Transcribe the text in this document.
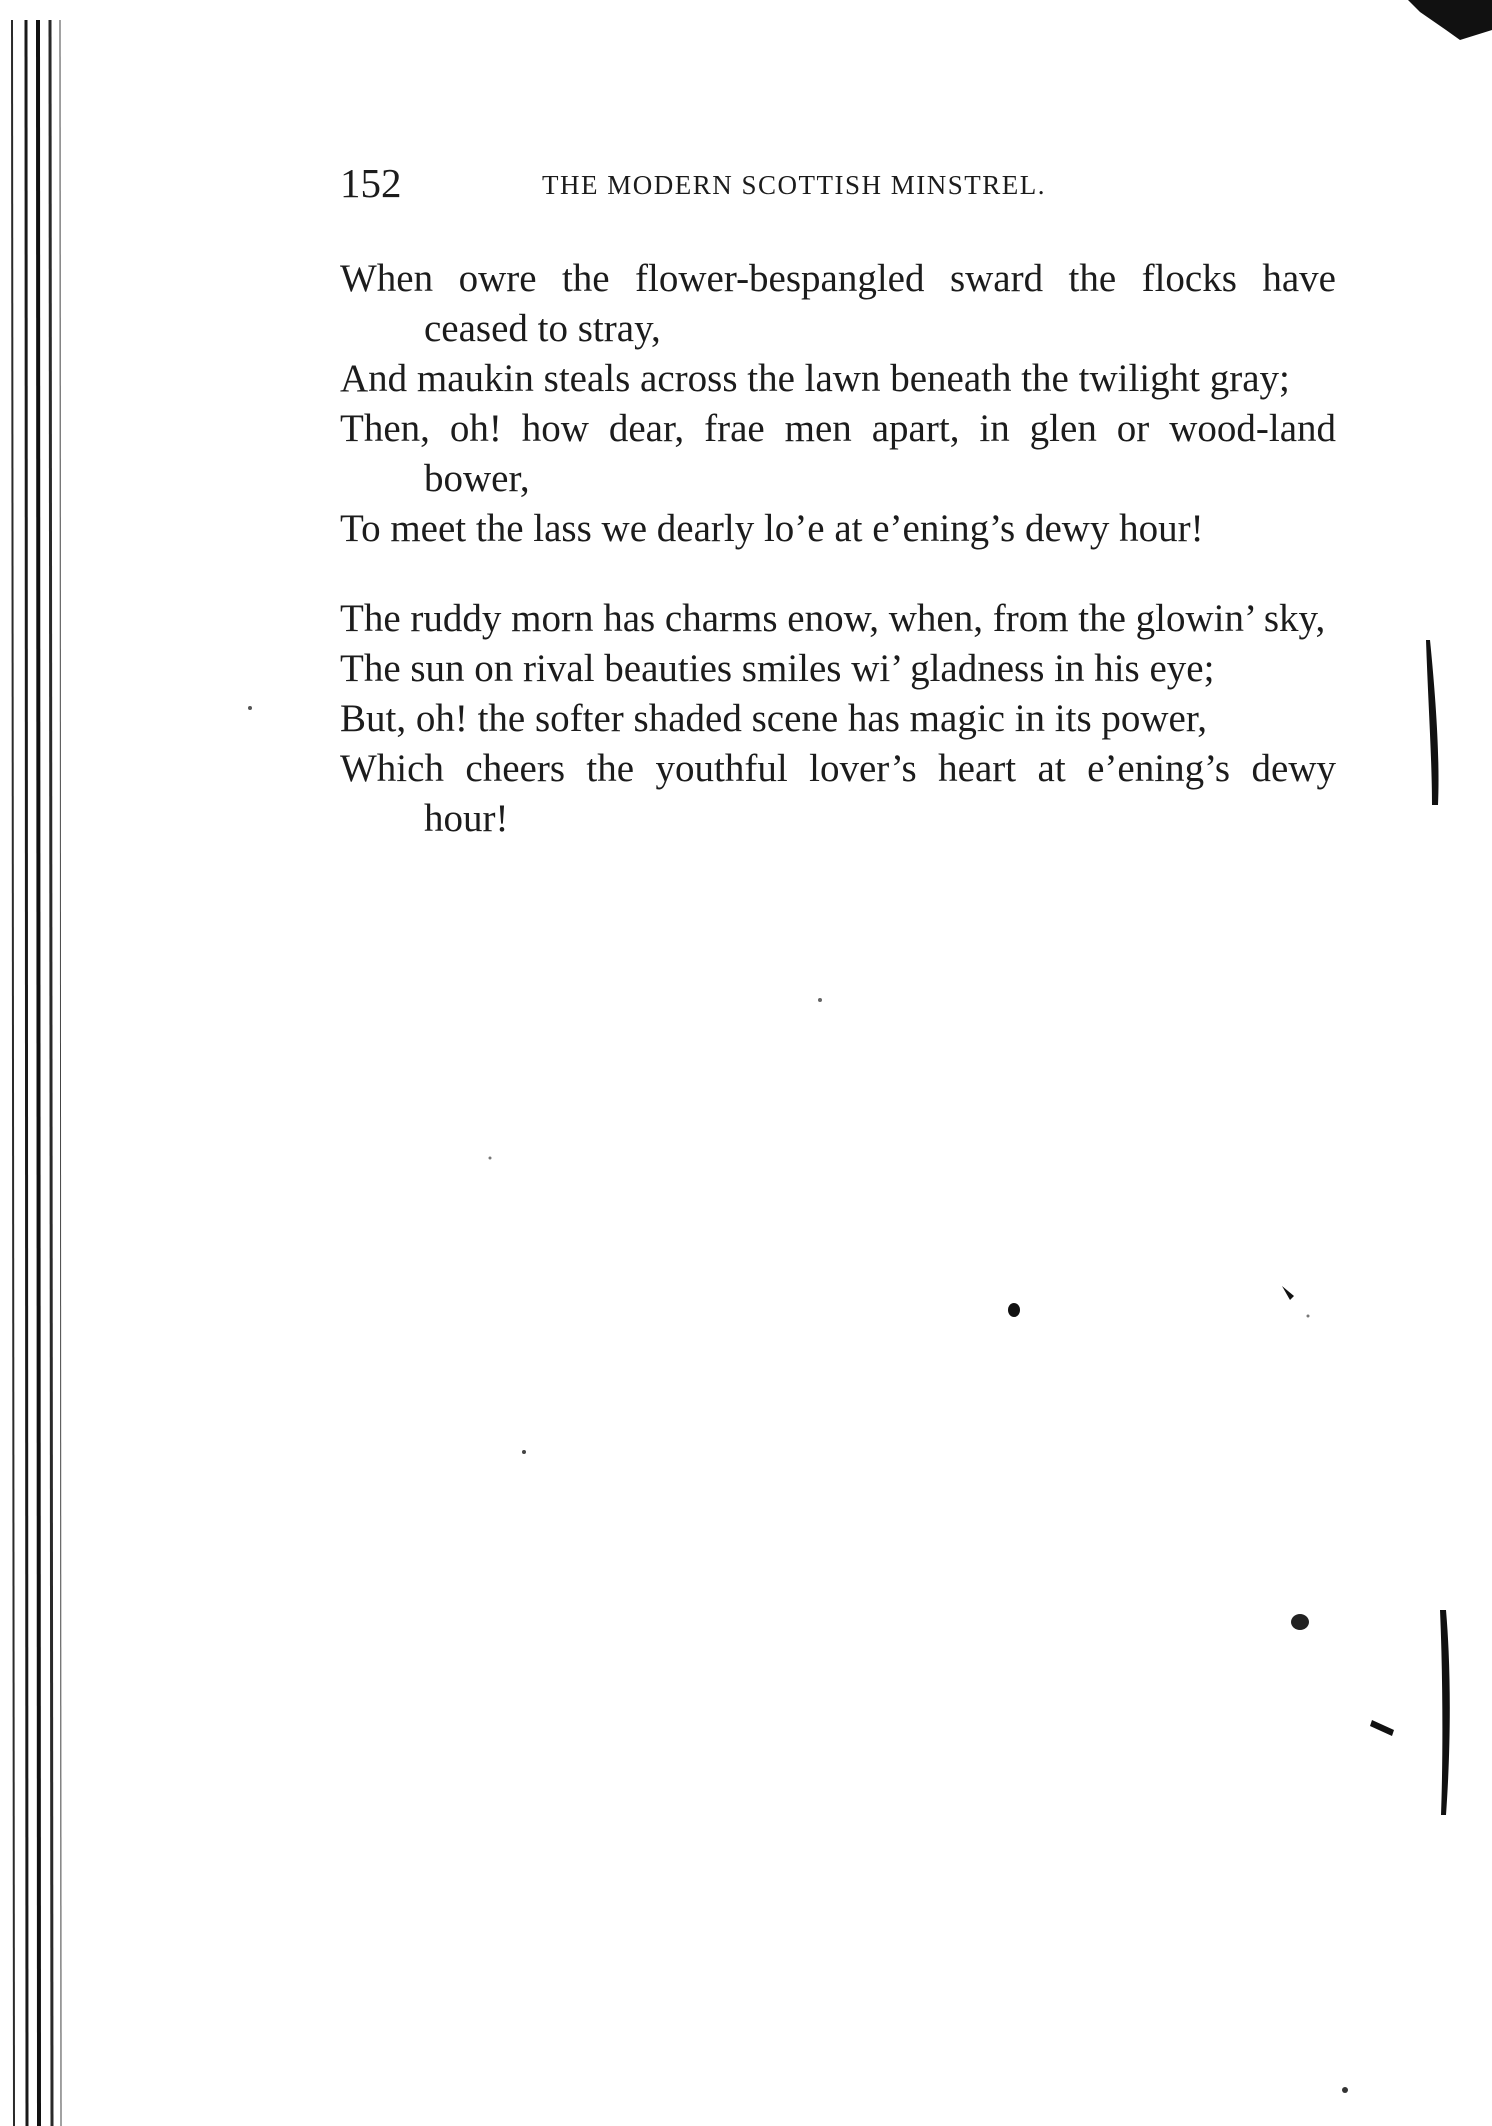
152	THE MODERN SCOTTISH MINSTREL.
When owre the flower-bespangled sward the flocks have ceased to stray,
And maukin steals across the lawn beneath the twilight gray;
Then, oh! how dear, frae men apart, in glen or wood-land bower,
To meet the lass we dearly lo’e at e’ening’s dewy hour!
The ruddy morn has charms enow, when, from the glowin’ sky,
The sun on rival beauties smiles wi’ gladness in his eye;
But, oh! the softer shaded scene has magic in its power,
Which cheers the youthful lover’s heart at e’ening’s dewy hour!
